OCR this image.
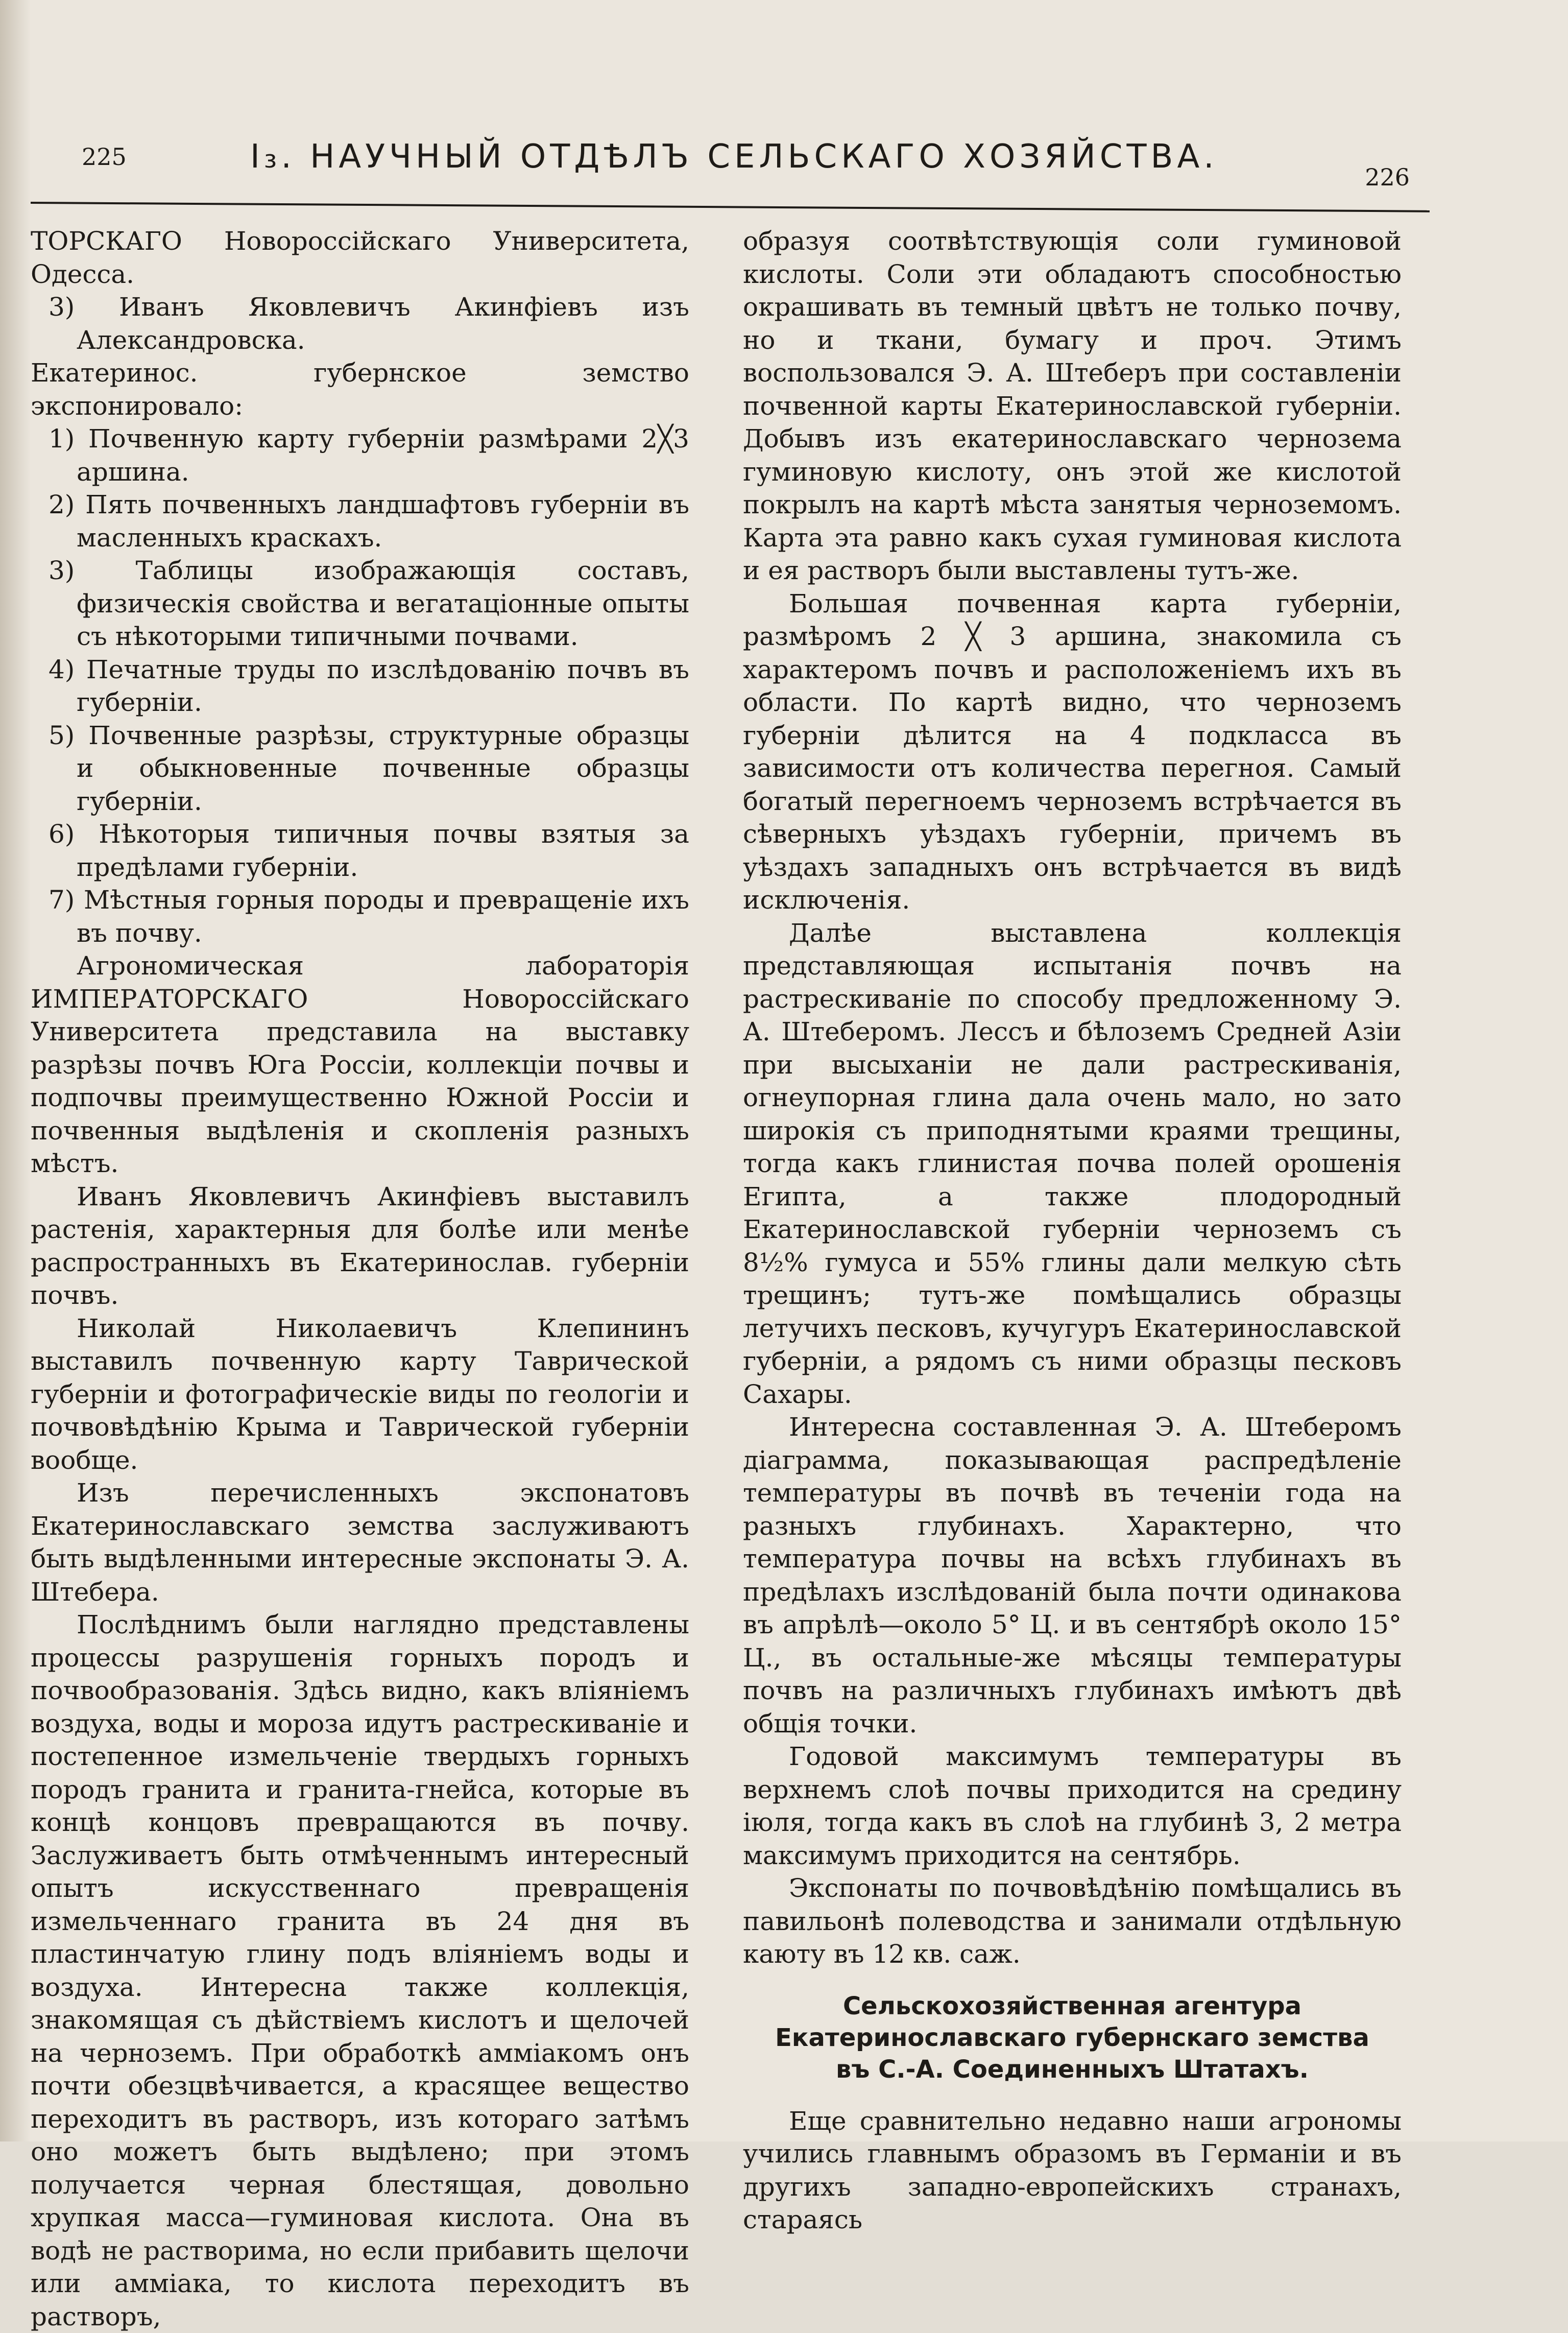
225	I₃. НАУЧНЫЙ ОТДѢЛЪ СЕЛЬСКАГО ХОЗЯЙСТВА.
226

ТОРСКАГО Новороссійскаго Университета, Одесса.

3) Иванъ Яковлевичъ Акинфіевъ изъ Александровска.

Екатеринос. губернское земство экспонировало:

1) Почвенную карту губерніи размѣрами 2╳3 аршина.

2) Пять почвенныхъ ландшафтовъ губерніи въ масленныхъ краскахъ.

3) Таблицы изображающія составъ, физическія свойства и вегатаціонные опыты съ нѣкоторыми типичными почвами.

4) Печатные труды по изслѣдованію почвъ въ губерніи.

5) Почвенные разрѣзы, структурные образцы и обыкновенные почвенные образцы губерніи.

6) Нѣкоторыя типичныя почвы взятыя за предѣлами губерніи.

7) Мѣстныя горныя породы и превращеніе ихъ въ почву.

Агрономическая лабораторія ИМПЕРАТОРСКАГО Новороссійскаго Университета представила на выставку разрѣзы почвъ Юга Россіи, коллекціи почвы и подпочвы преимущественно Южной Россіи и почвенныя выдѣленія и скопленія разныхъ мѣстъ.

Иванъ Яковлевичъ Акинфіевъ выставилъ растенія, характерныя для болѣе или менѣе распространныхъ въ Екатеринослав. губерніи почвъ.

Николай Николаевичъ Клепининъ выставилъ почвенную карту Таврической губерніи и фотографическіе виды по геологіи и почвовѣдѣнію Крыма и Таврической губерніи вообще.

Изъ перечисленныхъ экспонатовъ Екатеринославскаго земства заслуживаютъ быть выдѣленными интересные экспонаты Э. А. Штебера.

Послѣднимъ были наглядно представлены процессы разрушенія горныхъ породъ и почвообразованія. Здѣсь видно, какъ вліяніемъ воздуха, воды и мороза идутъ растрескиваніе и постепенное измельченіе твердыхъ горныхъ породъ гранита и гранита-гнейса, которые въ концѣ концовъ превращаются въ почву. Заслуживаетъ быть отмѣченнымъ интересный опытъ искусственнаго превращенія измельченнаго гранита въ 24 дня въ пластинчатую глину подъ вліяніемъ воды и воздуха. Интересна также коллекція, знакомящая съ дѣйствіемъ кислотъ и щелочей на черноземъ. При обработкѣ амміакомъ онъ почти обезцвѣчивается, а красящее вещество переходитъ въ растворъ, изъ котораго затѣмъ оно можетъ быть выдѣлено; при этомъ получается черная блестящая, довольно хрупкая масса—гуминовая кислота. Она въ водѣ не растворима, но если прибавить щелочи или амміака, то кислота переходитъ въ растворъ,

образуя соотвѣтствующія соли гуминовой кислоты. Соли эти обладаютъ способностью окрашивать въ темный цвѣтъ не только почву, но и ткани, бумагу и проч. Этимъ воспользовался Э. А. Штеберъ при составленіи почвенной карты Екатеринославской губерніи. Добывъ изъ екатеринославскаго чернозема гуминовую кислоту, онъ этой же кислотой покрылъ на картѣ мѣста занятыя черноземомъ. Карта эта равно какъ сухая гуминовая кислота и ея растворъ были выставлены тутъ-же.

Большая почвенная карта губерніи, размѣромъ 2 ╳ 3 аршина, знакомила съ характеромъ почвъ и расположеніемъ ихъ въ области. По картѣ видно, что черноземъ губерніи дѣлится на 4 подкласса въ зависимости отъ количества перегноя. Самый богатый перегноемъ черноземъ встрѣчается въ сѣверныхъ уѣздахъ губерніи, причемъ въ уѣздахъ западныхъ онъ встрѣчается въ видѣ исключенія.

Далѣе выставлена коллекція представляющая испытанія почвъ на растрескиваніе по способу предложенному Э. А. Штеберомъ. Лессъ и бѣлоземъ Средней Азіи при высыханіи не дали растрескиванія, огнеупорная глина дала очень мало, но зато широкія съ приподнятыми краями трещины, тогда какъ глинистая почва полей орошенія Египта, а также плодородный Екатеринославской губерніи черноземъ съ 8½% гумуса и 55% глины дали мелкую сѣть трещинъ; тутъ-же помѣщались образцы летучихъ песковъ, кучугуръ Екатеринославской губерніи, а рядомъ съ ними образцы песковъ Сахары.

Интересна составленная Э. А. Штеберомъ діаграмма, показывающая распредѣленіе температуры въ почвѣ въ теченіи года на разныхъ глубинахъ. Характерно, что температура почвы на всѣхъ глубинахъ въ предѣлахъ изслѣдованій была почти одинакова въ апрѣлѣ—около 5° Ц. и въ сентябрѣ около 15° Ц., въ остальные-же мѣсяцы температуры почвъ на различныхъ глубинахъ имѣютъ двѣ общія точки.

Годовой максимумъ температуры въ верхнемъ слоѣ почвы приходится на средину іюля, тогда какъ въ слоѣ на глубинѣ 3, 2 метра максимумъ приходится на сентябрь.

Экспонаты по почвовѣдѣнію помѣщались въ павильонѣ полеводства и занимали отдѣльную каюту въ 12 кв. саж.

Сельскохозяйственная агентура
Екатеринославскаго губернскаго земства
въ С.-А. Соединенныхъ Штатахъ.

Еще сравнительно недавно наши агрономы учились главнымъ образомъ въ Германіи и въ другихъ западно-европейскихъ странахъ, стараясь
